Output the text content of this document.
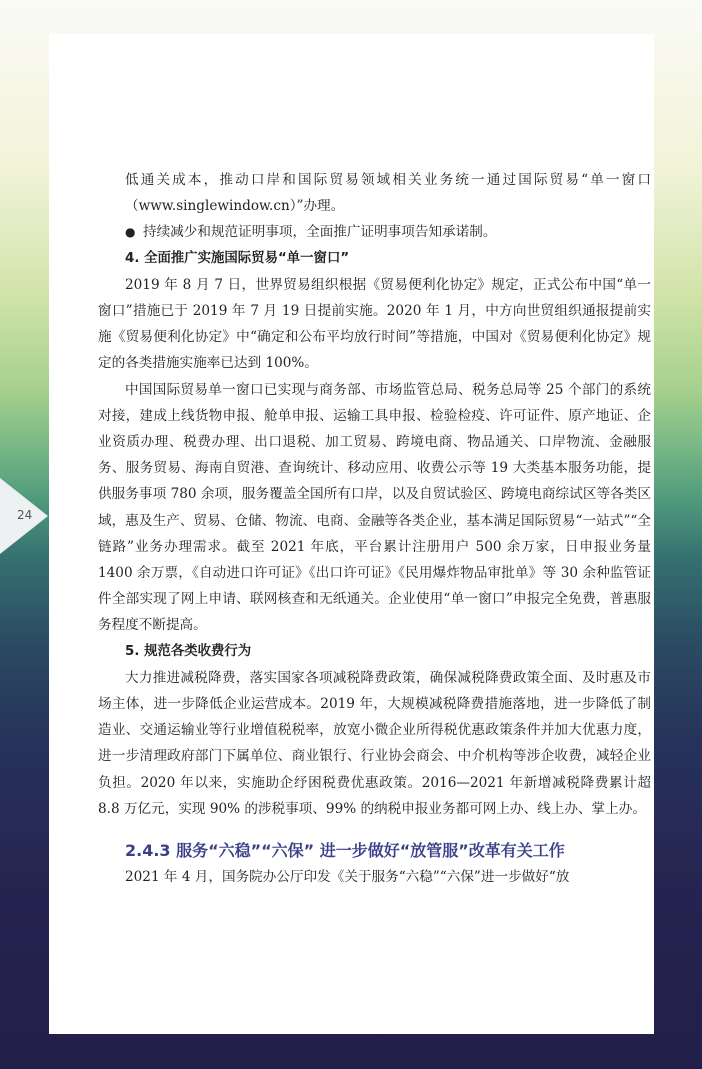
24

低通关成本，推动口岸和国际贸易领域相关业务统一通过国际贸易“单一窗口（www.singlewindow.cn）”办理。

● 持续减少和规范证明事项，全面推广证明事项告知承诺制。

4. 全面推广实施国际贸易“单一窗口”

2019 年 8 月 7 日，世界贸易组织根据《贸易便利化协定》规定，正式公布中国“单一窗口”措施已于 2019 年 7 月 19 日提前实施。2020 年 1 月，中方向世贸组织通报提前实施《贸易便利化协定》中“确定和公布平均放行时间”等措施，中国对《贸易便利化协定》规定的各类措施实施率已达到 100%。

中国国际贸易单一窗口已实现与商务部、市场监管总局、税务总局等 25 个部门的系统对接，建成上线货物申报、舱单申报、运输工具申报、检验检疫、许可证件、原产地证、企业资质办理、税费办理、出口退税、加工贸易、跨境电商、物品通关、口岸物流、金融服务、服务贸易、海南自贸港、查询统计、移动应用、收费公示等 19 大类基本服务功能，提供服务事项 780 余项，服务覆盖全国所有口岸，以及自贸试验区、跨境电商综试区等各类区域，惠及生产、贸易、仓储、物流、电商、金融等各类企业，基本满足国际贸易“一站式”“全链路”业务办理需求。截至 2021 年底，平台累计注册用户 500 余万家，日申报业务量 1400 余万票，《自动进口许可证》《出口许可证》《民用爆炸物品审批单》等 30 余种监管证件全部实现了网上申请、联网核查和无纸通关。企业使用“单一窗口”申报完全免费，普惠服务程度不断提高。

5. 规范各类收费行为

大力推进减税降费，落实国家各项减税降费政策，确保减税降费政策全面、及时惠及市场主体，进一步降低企业运营成本。2019 年，大规模减税降费措施落地，进一步降低了制造业、交通运输业等行业增值税税率，放宽小微企业所得税优惠政策条件并加大优惠力度，进一步清理政府部门下属单位、商业银行、行业协会商会、中介机构等涉企收费，减轻企业负担。2020 年以来，实施助企纾困税费优惠政策。2016—2021 年新增减税降费累计超 8.8 万亿元，实现 90% 的涉税事项、99% 的纳税申报业务都可网上办、线上办、掌上办。

2.4.3 服务“六稳”“六保” 进一步做好“放管服”改革有关工作

2021 年 4 月，国务院办公厅印发《关于服务“六稳”“六保”进一步做好“放
